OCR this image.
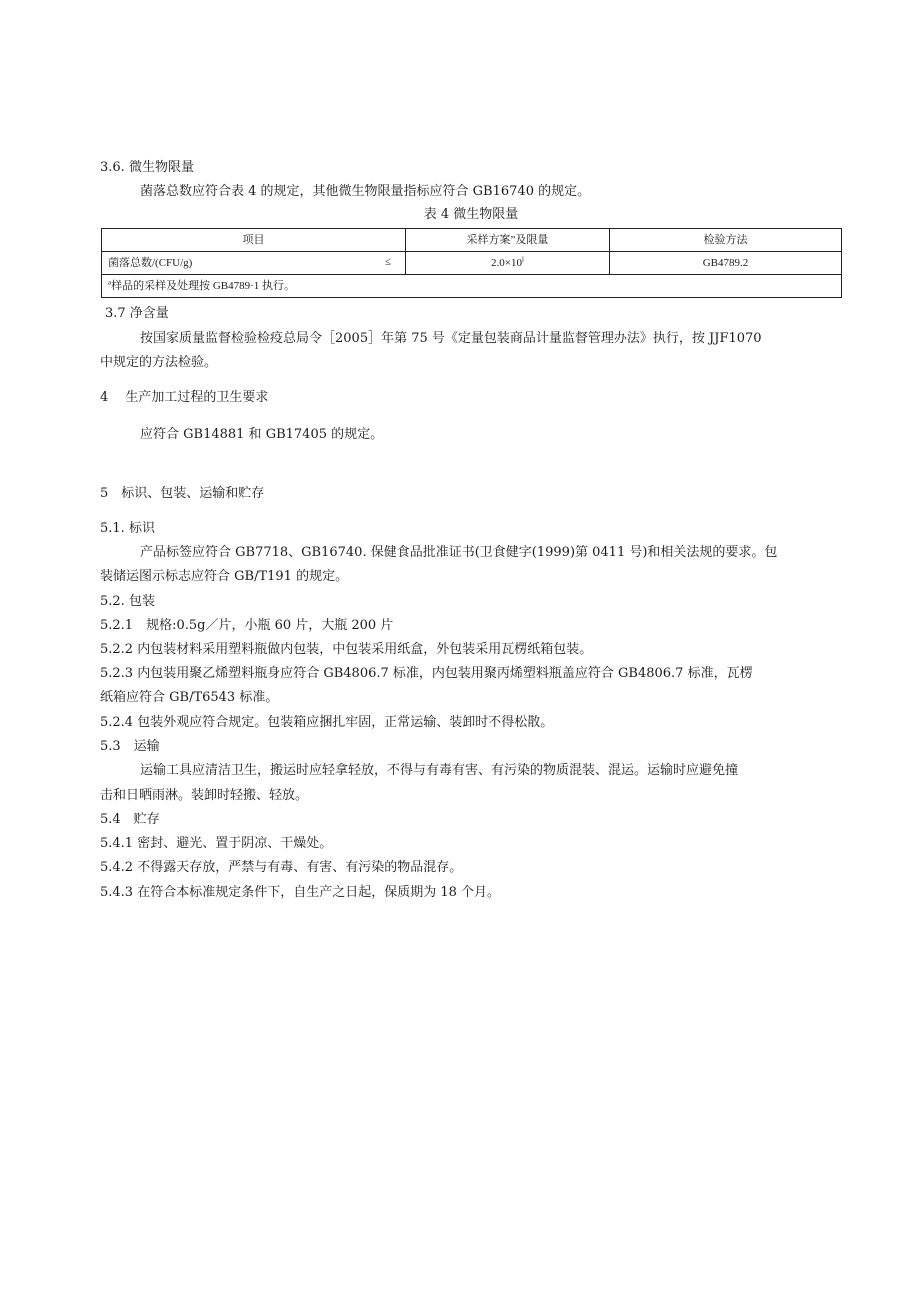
3.6. 微生物限量
菌落总数应符合表 4 的规定，其他微生物限量指标应符合 GB16740 的规定。
表 4 微生物限量
项目	采样方案”及限量	检验方法
菌落总数/(CFU/g) ≤	$2.0\times 10^l$	GB4789.2
$^a$样品的采样及处理按 GB4789·1 执行。		
3.7 净含量
按国家质量监督检验检疫总局令［2005］年第 75 号《定量包装商品计量监督管理办法》执行，按 JJF1070
中规定的方法检验。
4　 生产加工过程的卫生要求
应符合 GB14881 和 GB17405 的规定。
5　标识、包装、运输和贮存
5.1. 标识
产品标签应符合 GB7718、GB16740. 保健食品批准证书(卫食健字(1999)第 0411 号)和相关法规的要求。包
装储运图示标志应符合 GB/T191 的规定。
5.2. 包装
5.2.1　规格:0.5g／片，小瓶 60 片，大瓶 200 片
5.2.2 内包装材料采用塑料瓶做内包装，中包装采用纸盒，外包装采用瓦楞纸箱包装。
5.2.3 内包装用聚乙烯塑料瓶身应符合 GB4806.7 标准，内包装用聚丙烯塑料瓶盖应符合 GB4806.7 标准，瓦楞
纸箱应符合 GB/T6543 标准。
5.2.4 包装外观应符合规定。包装箱应捆扎牢固，正常运输、装卸时不得松散。
5.3　运输
运输工具应清洁卫生，搬运时应轻拿轻放，不得与有毒有害、有污染的物质混装、混运。运输时应避免撞
击和日晒雨淋。装卸时轻搬、轻放。
5.4　贮存
5.4.1 密封、避光、置于阴凉、干燥处。
5.4.2 不得露天存放，严禁与有毒、有害、有污染的物品混存。
5.4.3 在符合本标准规定条件下，自生产之日起，保质期为 18 个月。
